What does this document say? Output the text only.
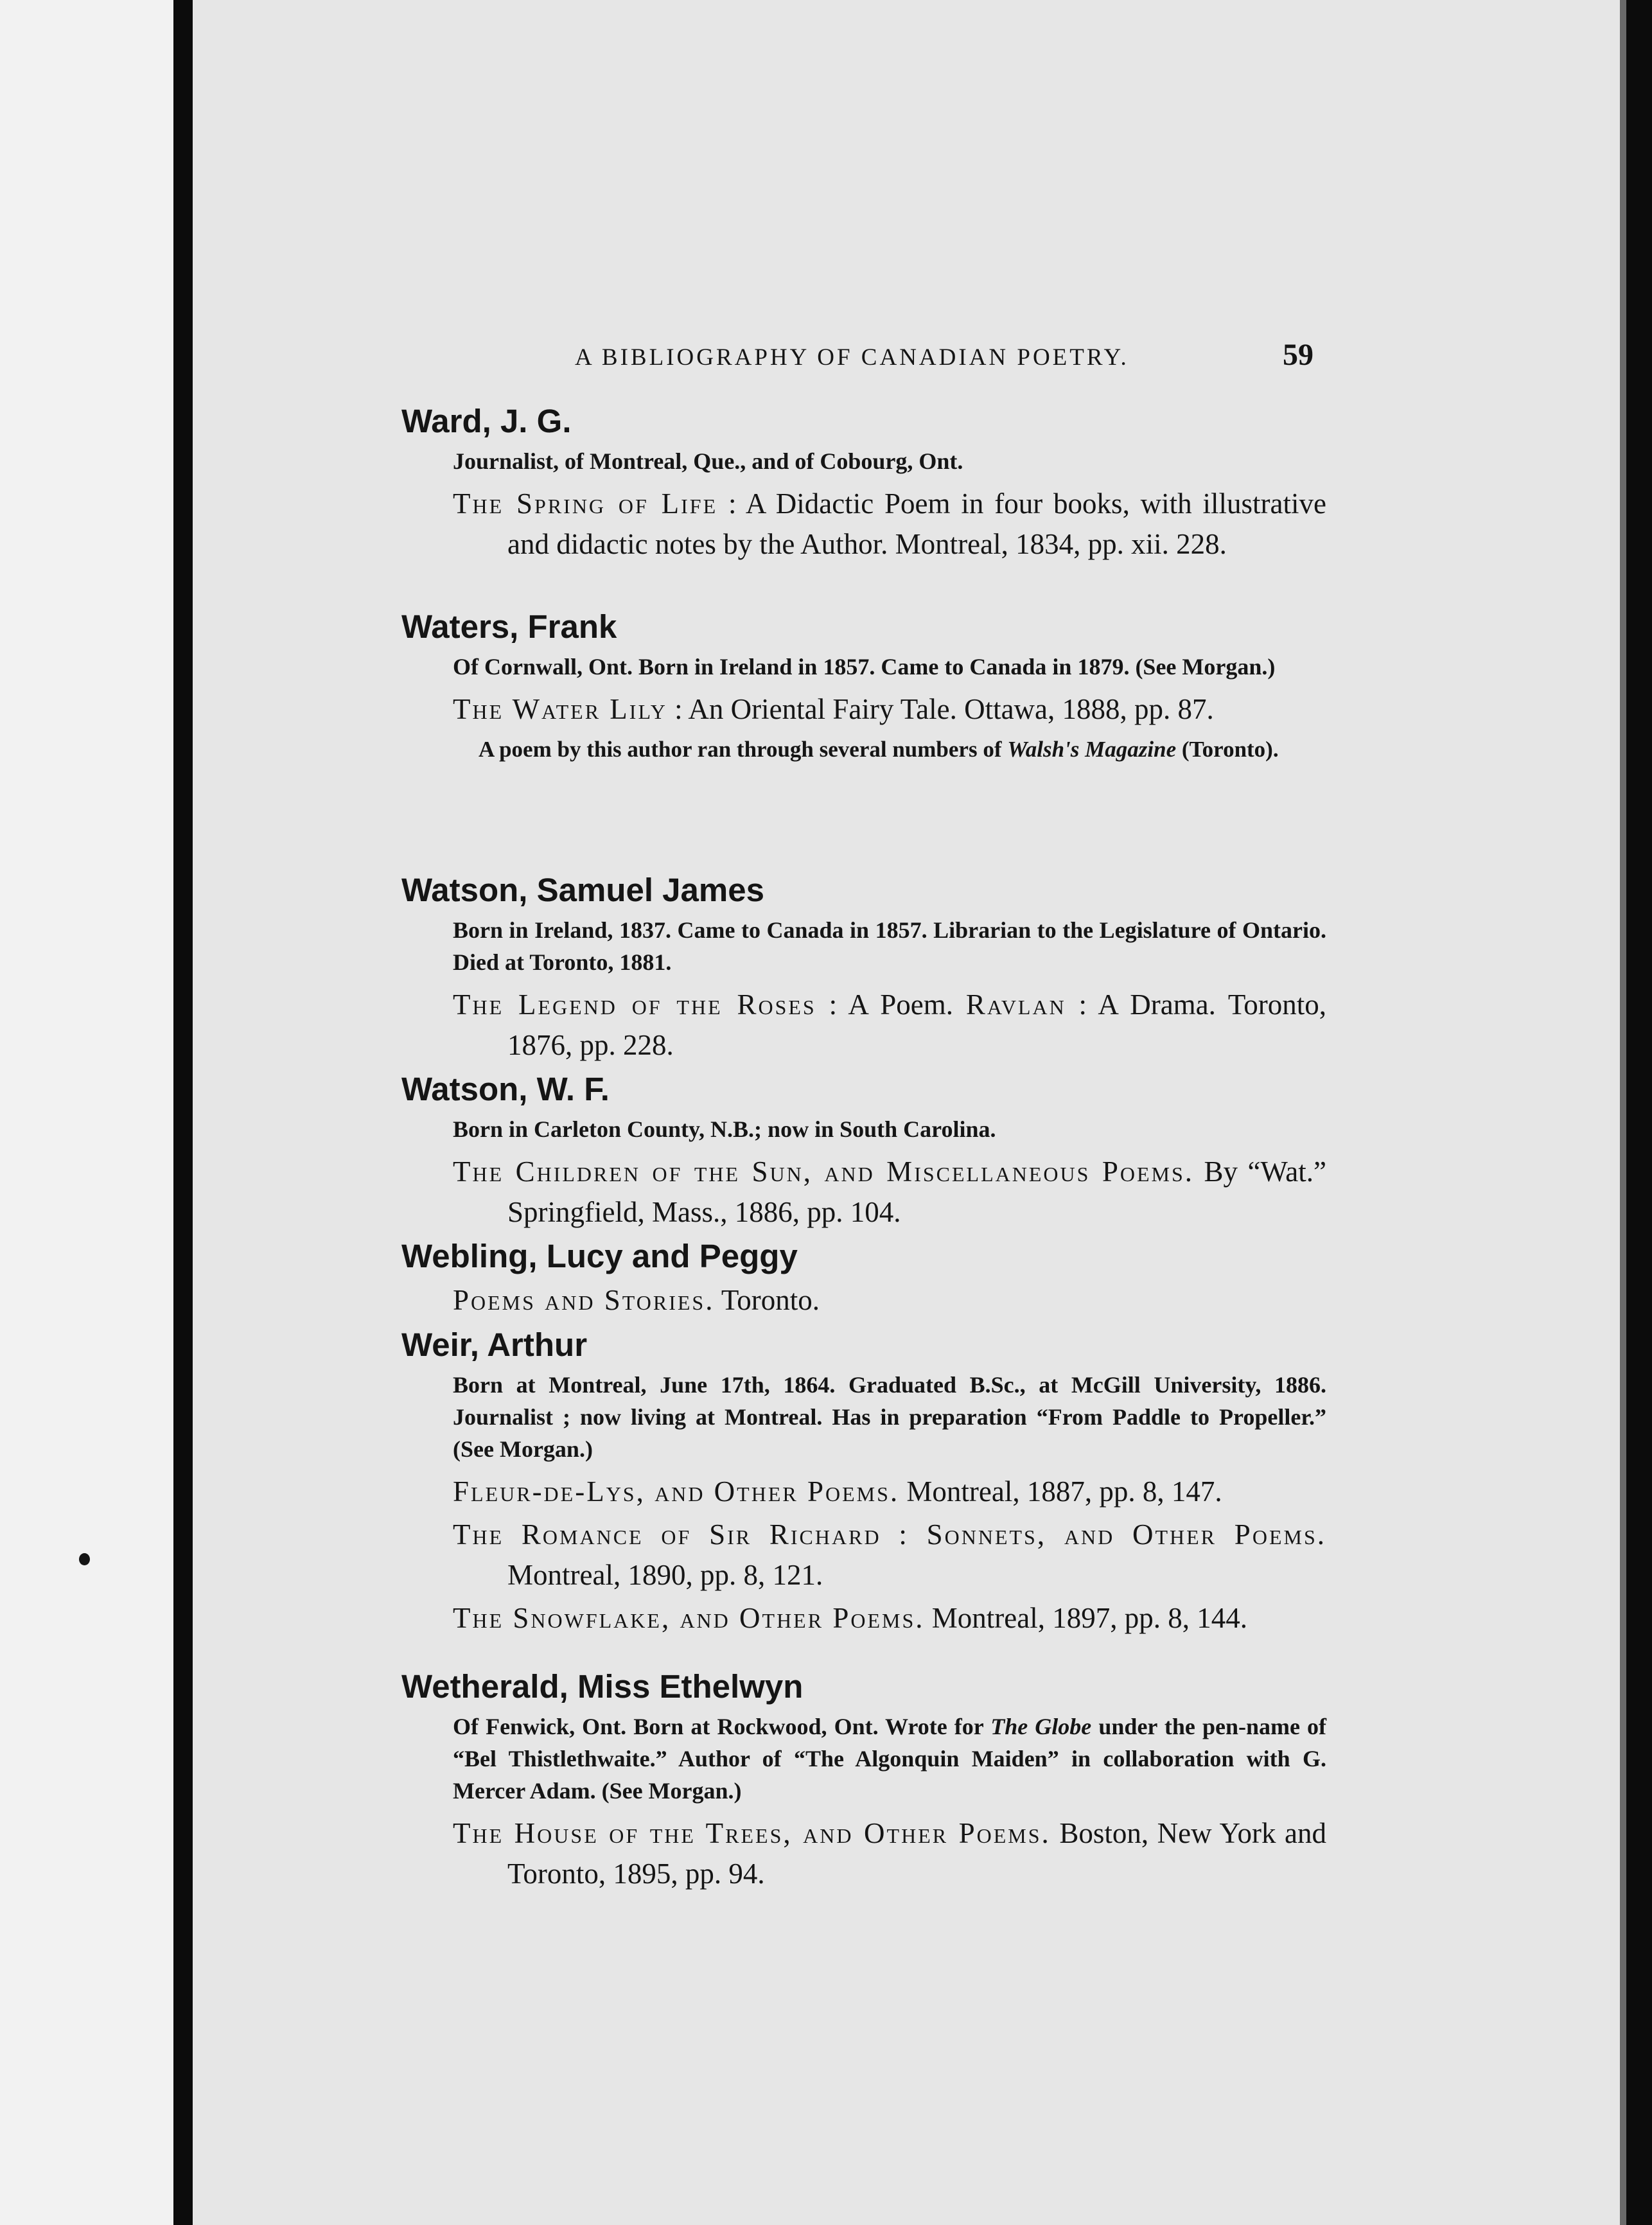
A BIBLIOGRAPHY OF CANADIAN POETRY.	59
Ward, J. G.
Journalist, of Montreal, Que., and of Cobourg, Ont.
The Spring of Life : A Didactic Poem in four books, with illustrative and didactic notes by the Author. Montreal, 1834, pp. xii. 228.
Waters, Frank
Of Cornwall, Ont. Born in Ireland in 1857. Came to Canada in 1879. (See Morgan.)
The Water Lily : An Oriental Fairy Tale. Ottawa, 1888, pp. 87.
A poem by this author ran through several numbers of Walsh's Magazine (Toronto).
Watson, Samuel James
Born in Ireland, 1837. Came to Canada in 1857. Librarian to the Legislature of Ontario. Died at Toronto, 1881.
The Legend of the Roses : A Poem. Ravlan : A Drama. Toronto, 1876, pp. 228.
Watson, W. F.
Born in Carleton County, N.B.; now in South Carolina.
The Children of the Sun, and Miscellaneous Poems. By “Wat.” Springfield, Mass., 1886, pp. 104.
Webling, Lucy and Peggy
Poems and Stories. Toronto.
Weir, Arthur
Born at Montreal, June 17th, 1864. Graduated B.Sc., at McGill University, 1886. Journalist ; now living at Montreal. Has in preparation “From Paddle to Propeller.” (See Morgan.)
Fleur-de-Lys, and Other Poems. Montreal, 1887, pp. 8, 147.
The Romance of Sir Richard : Sonnets, and Other Poems. Montreal, 1890, pp. 8, 121.
The Snowflake, and Other Poems. Montreal, 1897, pp. 8, 144.
Wetherald, Miss Ethelwyn
Of Fenwick, Ont. Born at Rockwood, Ont. Wrote for The Globe under the pen-name of “Bel Thistlethwaite.” Author of “The Algonquin Maiden” in collaboration with G. Mercer Adam. (See Morgan.)
The House of the Trees, and Other Poems. Boston, New York and Toronto, 1895, pp. 94.
